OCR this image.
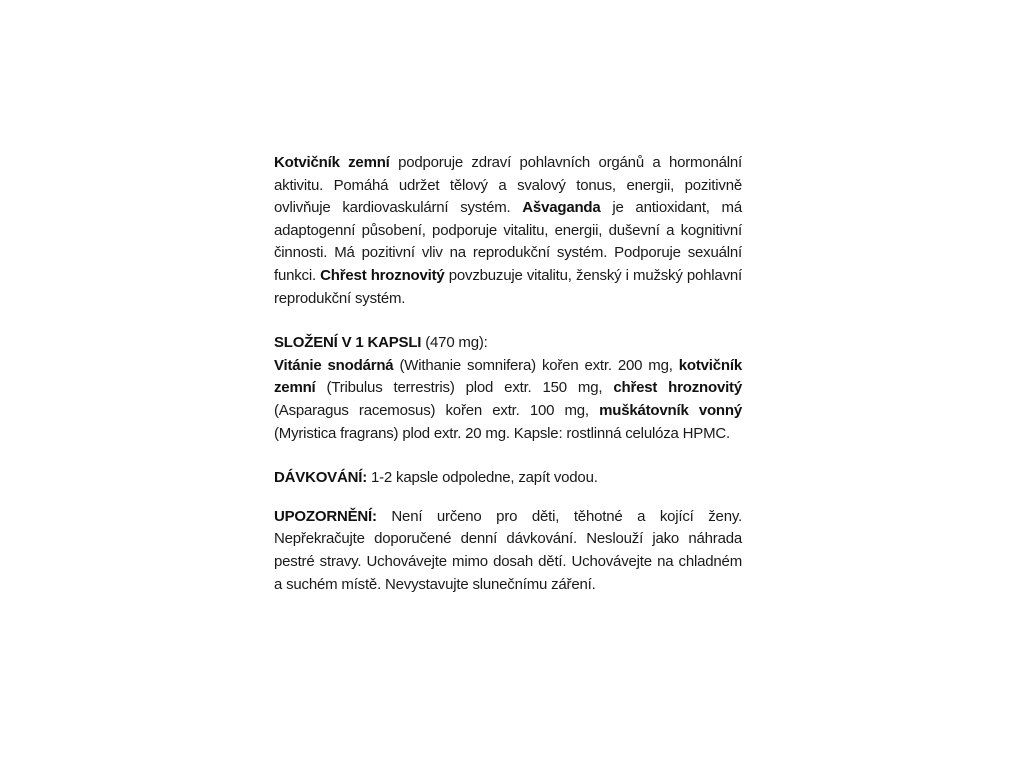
Kotvičník zemní podporuje zdraví pohlavních orgánů a hormonální aktivitu. Pomáhá udržet tělový a svalový tonus, energii, pozitivně ovlivňuje kardiovaskulární systém. Ašvaganda je antioxidant, má adaptogenní působení, podporuje vitalitu, energii, duševní a kognitivní činnosti. Má pozitivní vliv na reprodukční systém. Podporuje sexuální funkci. Chřest hroznovitý povzbuzuje vitalitu, ženský i mužský pohlavní reprodukční systém.

SLOŽENÍ V 1 KAPSLI (470 mg):
Vitánie snodárná (Withanie somnifera) kořen extr. 200 mg, kotvičník zemní (Tribulus terrestris) plod extr. 150 mg, chřest hroznovitý (Asparagus racemosus) kořen extr. 100 mg, muškátovník vonný (Myristica fragrans) plod extr. 20 mg. Kapsle: rostlinná celulóza HPMC.

DÁVKOVÁNÍ: 1-2 kapsle odpoledne, zapít vodou.

UPOZORNĚNÍ: Není určeno pro děti, těhotné a kojící ženy. Nepřekračujte doporučené denní dávkování. Neslouží jako náhrada pestré stravy. Uchovávejte mimo dosah dětí. Uchovávejte na chladném a suchém místě. Nevystavujte slunečnímu záření.
